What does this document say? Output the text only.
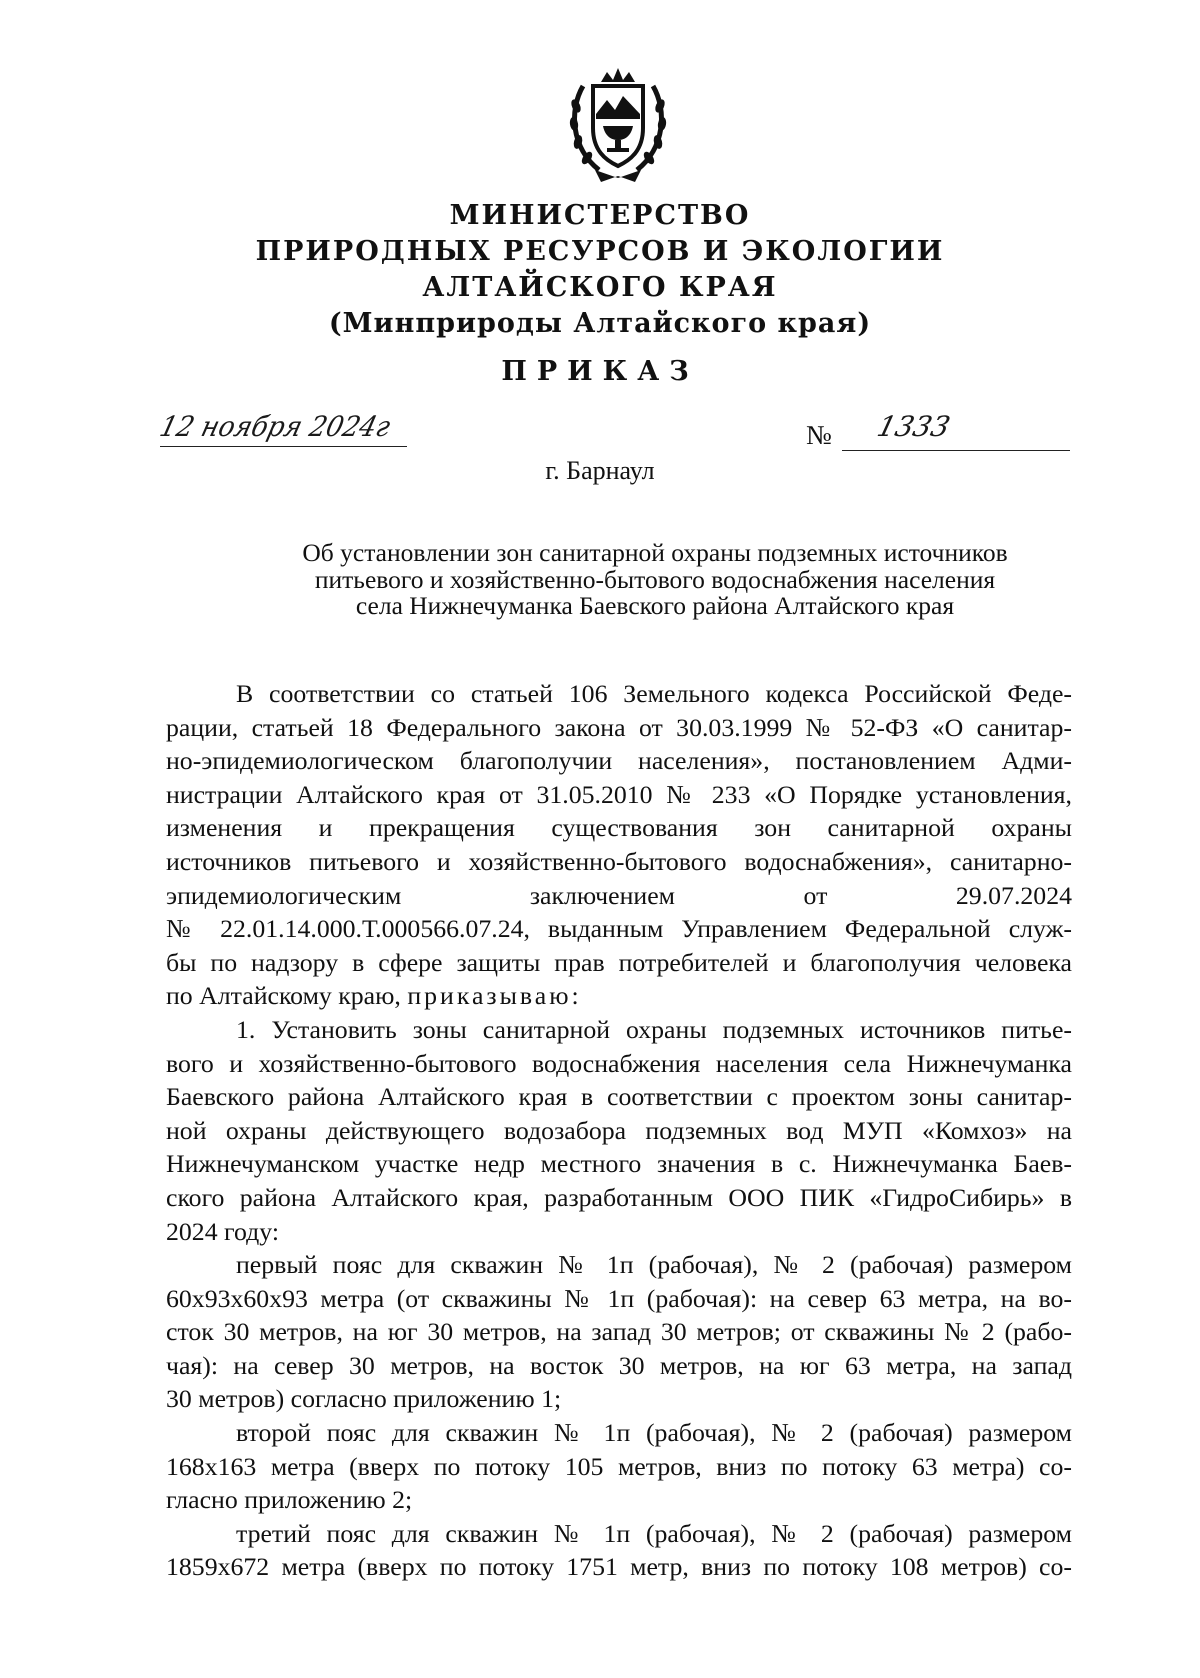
МИНИСТЕРСТВО
ПРИРОДНЫХ РЕСУРСОВ И ЭКОЛОГИИ
АЛТАЙСКОГО КРАЯ
(Минприроды Алтайского края)
ПРИКАЗ
12 ноября 2024г	№ 1333
г. Барнаул
Об установлении зон санитарной охраны подземных источников
питьевого и хозяйственно-бытового водоснабжения населения
села Нижнечуманка Баевского района Алтайского края
В соответствии со статьей 106 Земельного кодекса Российской Феде-
рации, статьей 18 Федерального закона от 30.03.1999 № 52-ФЗ «О санитар-
но-эпидемиологическом благополучии населения», постановлением Адми-
нистрации Алтайского края от 31.05.2010 № 233 «О Порядке установления,
изменения и прекращения существования зон санитарной охраны
источников питьевого и хозяйственно-бытового водоснабжения», санитарно-
эпидемиологическим заключением от 29.07.2024
№ 22.01.14.000.Т.000566.07.24, выданным Управлением Федеральной служ-
бы по надзору в сфере защиты прав потребителей и благополучия человека
по Алтайскому краю, приказываю:
1. Установить зоны санитарной охраны подземных источников питье-
вого и хозяйственно-бытового водоснабжения населения села Нижнечуманка
Баевского района Алтайского края в соответствии с проектом зоны санитар-
ной охраны действующего водозабора подземных вод МУП «Комхоз» на
Нижнечуманском участке недр местного значения в с. Нижнечуманка Баев-
ского района Алтайского края, разработанным ООО ПИК «ГидроСибирь» в
2024 году:
первый пояс для скважин № 1п (рабочая), № 2 (рабочая) размером
60х93х60х93 метра (от скважины № 1п (рабочая): на север 63 метра, на во-
сток 30 метров, на юг 30 метров, на запад 30 метров; от скважины № 2 (рабо-
чая): на север 30 метров, на восток 30 метров, на юг 63 метра, на запад
30 метров) согласно приложению 1;
второй пояс для скважин № 1п (рабочая), № 2 (рабочая) размером
168х163 метра (вверх по потоку 105 метров, вниз по потоку 63 метра) со-
гласно приложению 2;
третий пояс для скважин № 1п (рабочая), № 2 (рабочая) размером
1859х672 метра (вверх по потоку 1751 метр, вниз по потоку 108 метров) со-
